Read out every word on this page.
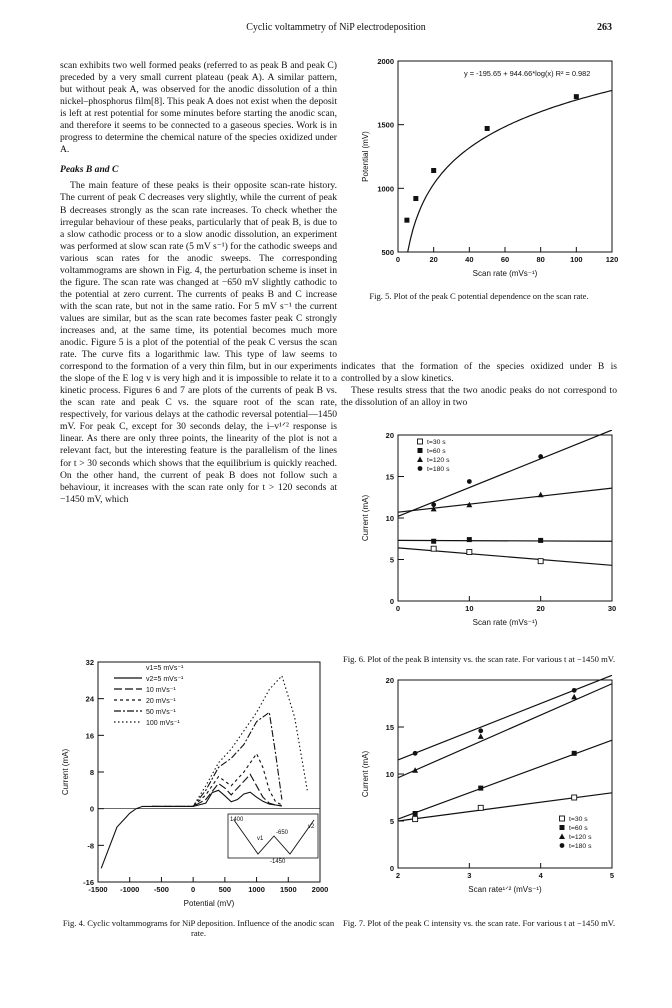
Cyclic voltammetry of NiP electrodeposition	263

scan exhibits two well formed peaks (referred to as peak B and peak C) preceded by a very small current plateau (peak A). A similar pattern, but without peak A, was observed for the anodic dissolution of a thin nickel–phosphorus film[8]. This peak A does not exist when the deposit is left at rest potential for some minutes before starting the anodic scan, and therefore it seems to be connected to a gaseous species. Work is in progress to determine the chemical nature of the species oxidized under A.

Peaks B and C

The main feature of these peaks is their opposite scan-rate history. The current of peak C decreases very slightly, while the current of peak B decreases strongly as the scan rate increases. To check whether the irregular behaviour of these peaks, particularly that of peak B, is due to a slow cathodic process or to a slow anodic dissolution, an experiment was performed at slow scan rate (5 mV s⁻¹) for the cathodic sweeps and various scan rates for the anodic sweeps. The corresponding voltammograms are shown in Fig. 4, the perturbation scheme is inset in the figure. The scan rate was changed at −650 mV slightly cathodic to the potential at zero current. The currents of peaks B and C increase with the scan rate, but not in the same ratio. For 5 mV s⁻¹ the current values are similar, but as the scan rate becomes faster peak C strongly increases and, at the same time, its potential becomes much more anodic. Figure 5 is a plot of the potential of the peak C versus the scan rate. The curve fits a logarithmic law. This type of law seems to correspond to the formation of a very thin film, but in our experiments the slope of the E log v is very high and it is impossible to relate it to a kinetic process. Figures 6 and 7 are plots of the currents of peak B vs. the scan rate and peak C vs. the square root of the scan rate, respectively, for various delays at the cathodic reversal potential—1450 mV. For peak C, except for 30 seconds delay, the i–v¹ᐟ² response is linear. As there are only three points, the linearity of the plot is not a relevant fact, but the interesting feature is the parallelism of the lines for t > 30 seconds which shows that the equilibrium is quickly reached. On the other hand, the current of peak B does not follow such a behaviour, it increases with the scan rate only for t > 120 seconds at −1450 mV, which

indicates that the formation of the species oxidized under B is controlled by a slow kinetics.

These results stress that the two anodic peaks do not correspond to the dissolution of an alloy in two

-1500 -1000 -500	0	500 1000 1500 2000
-16
-8
0
8
16
24
32
Potential (mV)
Current (mA)
v1=5 mVs⁻¹
v2=5 mVs⁻¹
10 mVs⁻¹
20 mVs⁻¹
50 mVs⁻¹
100 mVs⁻¹
1400
v1
v2
-650
-1450
Fig. 4. Cyclic voltammograms for NiP deposition. Influence of the anodic scan rate.
0	20	40	60	80	100	120
500
1000
1500
2000
Scan rate (mVs⁻¹)
Potential (mV)
y = -195.65 + 944.66*log(x) R² = 0.982
Fig. 5. Plot of the peak C potential dependence on the scan rate.
0	10	20	30
0
5
10
15
20
Scan rate (mVs⁻¹)
Current (mA)
t=30 s
t=60 s
t=120 s
t=180 s
Fig. 6. Plot of the peak B intensity vs. the scan rate. For various t at −1450 mV.
2	3	4	5
0
5
10
15
20
Scan rate¹ᐟ² (mVs⁻¹)
Current (mA)
t=30 s
t=60 s
t=120 s
t=180 s
Fig. 7. Plot of the peak C intensity vs. the scan rate. For various t at −1450 mV.
